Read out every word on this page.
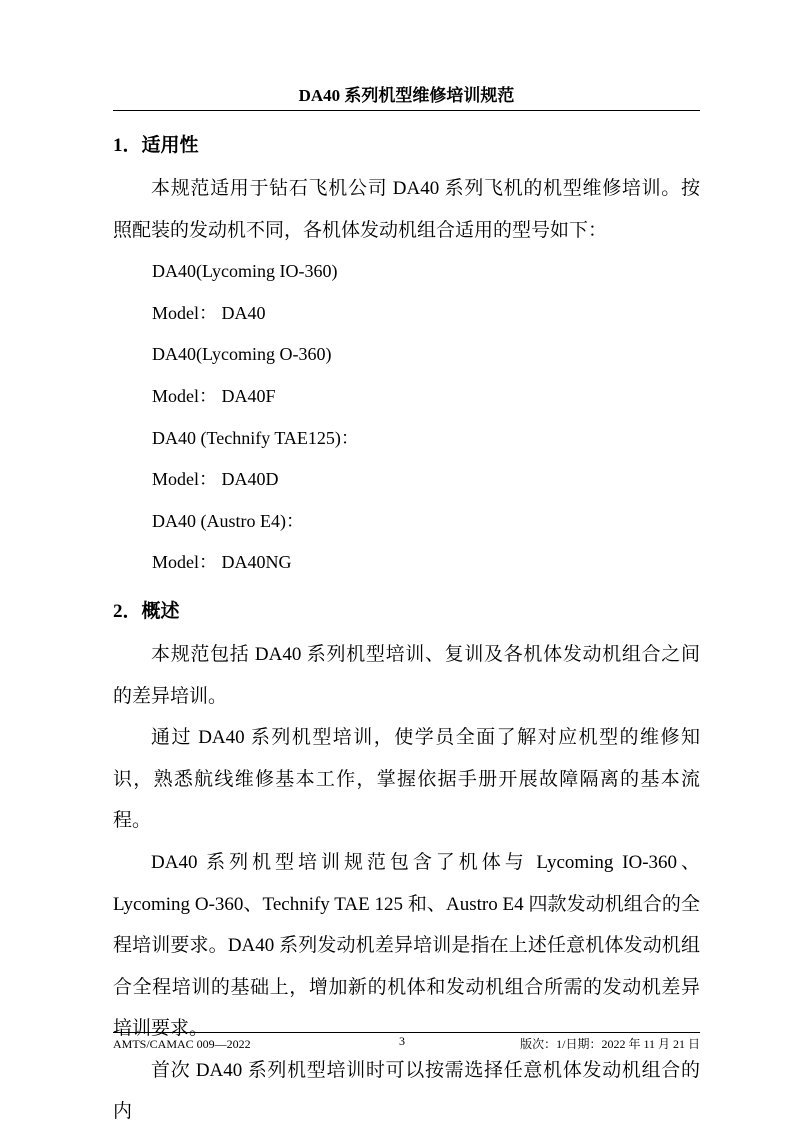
DA40 系列机型维修培训规范
1．适用性

本规范适用于钻石飞机公司 DA40 系列飞机的机型维修培训。按照配装的发动机不同，各机体发动机组合适用的型号如下：

DA40(Lycoming IO-360)

Model： DA40

DA40(Lycoming O-360)

Model： DA40F

DA40 (Technify TAE125)：

Model： DA40D

DA40 (Austro E4)：

Model： DA40NG

2．概述

本规范包括 DA40 系列机型培训、复训及各机体发动机组合之间的差异培训。

通过 DA40 系列机型培训，使学员全面了解对应机型的维修知识，熟悉航线维修基本工作，掌握依据手册开展故障隔离的基本流程。

DA40 系列机型培训规范包含了机体与 Lycoming IO-360、Lycoming O-360、Technify TAE 125 和、Austro E4 四款发动机组合的全程培训要求。DA40 系列发动机差异培训是指在上述任意机体发动机组合全程培训的基础上，增加新的机体和发动机组合所需的发动机差异培训要求。

首次 DA40 系列机型培训时可以按需选择任意机体发动机组合的内

AMTS/CAMAC 009—2022	3	版次：1/日期：2022 年 11 月 21 日
